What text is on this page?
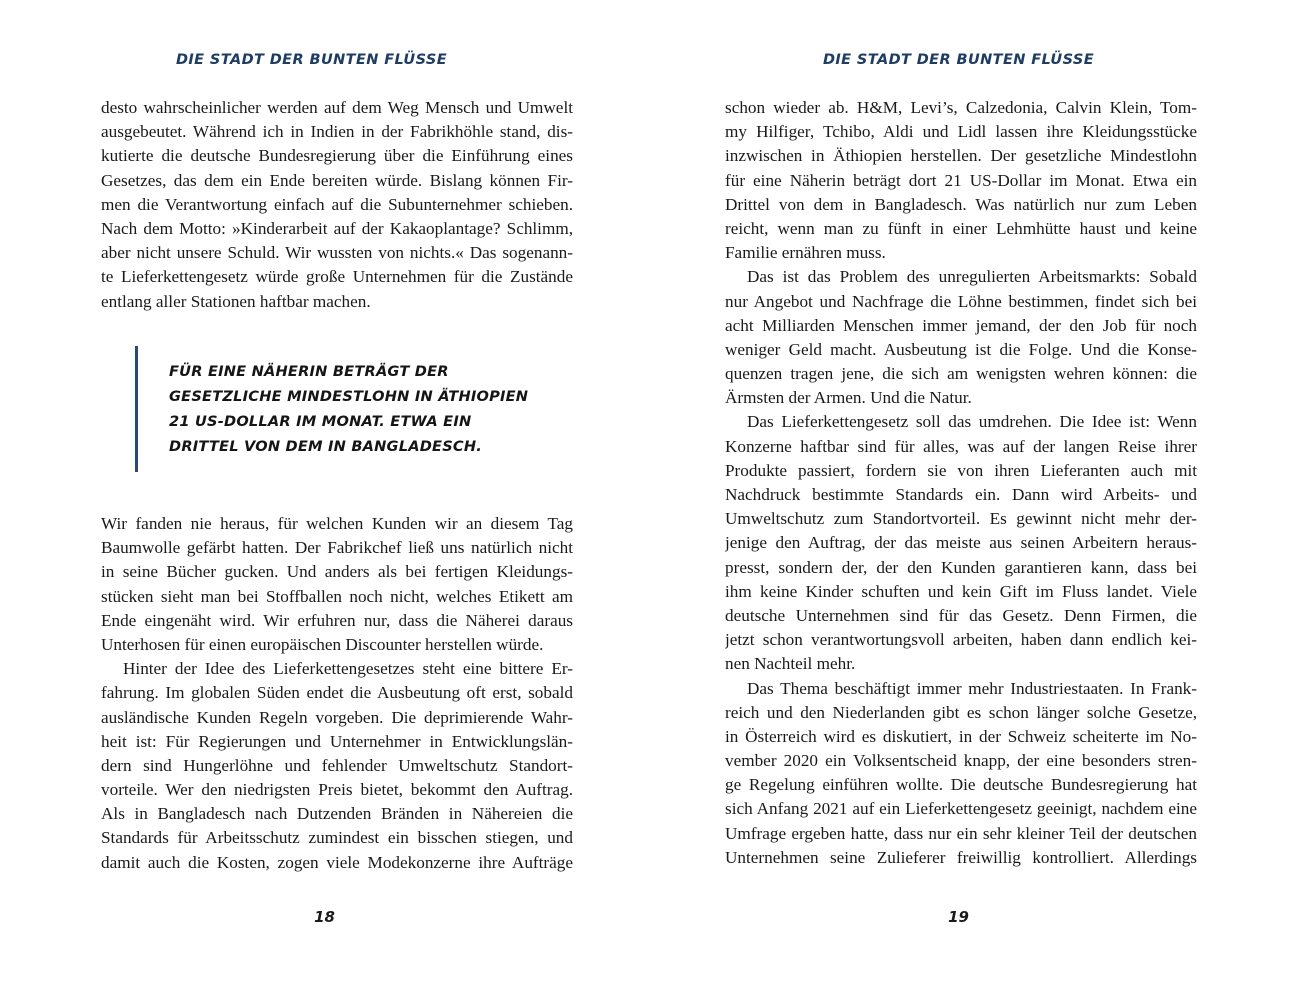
DIE STADT DER BUNTEN FLÜSSE
desto wahrscheinlicher werden auf dem Weg Mensch und Umwelt
ausgebeutet. Während ich in Indien in der Fabrikhöhle stand, dis-
kutierte die deutsche Bundesregierung über die Einführung eines
Gesetzes, das dem ein Ende bereiten würde. Bislang können Fir-
men die Verantwortung einfach auf die Subunternehmer schieben.
Nach dem Motto: »Kinderarbeit auf der Kakaoplantage? Schlimm,
aber nicht unsere Schuld. Wir wussten von nichts.« Das sogenann-
te Lieferkettengesetz würde große Unternehmen für die Zustände
entlang aller Stationen haftbar machen.
FÜR EINE NÄHERIN BETRÄGT DER
GESETZLICHE MINDESTLOHN IN ÄTHIOPIEN
21 US-DOLLAR IM MONAT. ETWA EIN
DRITTEL VON DEM IN BANGLADESCH.
Wir fanden nie heraus, für welchen Kunden wir an diesem Tag
Baumwolle gefärbt hatten. Der Fabrikchef ließ uns natürlich nicht
in seine Bücher gucken. Und anders als bei fertigen Kleidungs-
stücken sieht man bei Stoffballen noch nicht, welches Etikett am
Ende eingenäht wird. Wir erfuhren nur, dass die Näherei daraus
Unterhosen für einen europäischen Discounter herstellen würde.
Hinter der Idee des Lieferkettengesetzes steht eine bittere Er-
fahrung. Im globalen Süden endet die Ausbeutung oft erst, sobald
ausländische Kunden Regeln vorgeben. Die deprimierende Wahr-
heit ist: Für Regierungen und Unternehmer in Entwicklungslän-
dern sind Hungerlöhne und fehlender Umweltschutz Standort-
vorteile. Wer den niedrigsten Preis bietet, bekommt den Auftrag.
Als in Bangladesch nach Dutzenden Bränden in Nähereien die
Standards für Arbeitsschutz zumindest ein bisschen stiegen, und
damit auch die Kosten, zogen viele Modekonzerne ihre Aufträge
18
DIE STADT DER BUNTEN FLÜSSE
schon wieder ab. H&M, Levi’s, Calzedonia, Calvin Klein, Tom-
my Hilfiger, Tchibo, Aldi und Lidl lassen ihre Kleidungsstücke
inzwischen in Äthiopien herstellen. Der gesetzliche Mindestlohn
für eine Näherin beträgt dort 21 US-Dollar im Monat. Etwa ein
Drittel von dem in Bangladesch. Was natürlich nur zum Leben
reicht, wenn man zu fünft in einer Lehmhütte haust und keine
Familie ernähren muss.
Das ist das Problem des unregulierten Arbeitsmarkts: Sobald
nur Angebot und Nachfrage die Löhne bestimmen, findet sich bei
acht Milliarden Menschen immer jemand, der den Job für noch
weniger Geld macht. Ausbeutung ist die Folge. Und die Konse-
quenzen tragen jene, die sich am wenigsten wehren können: die
Ärmsten der Armen. Und die Natur.
Das Lieferkettengesetz soll das umdrehen. Die Idee ist: Wenn
Konzerne haftbar sind für alles, was auf der langen Reise ihrer
Produkte passiert, fordern sie von ihren Lieferanten auch mit
Nachdruck bestimmte Standards ein. Dann wird Arbeits- und
Umweltschutz zum Standortvorteil. Es gewinnt nicht mehr der-
jenige den Auftrag, der das meiste aus seinen Arbeitern heraus-
presst, sondern der, der den Kunden garantieren kann, dass bei
ihm keine Kinder schuften und kein Gift im Fluss landet. Viele
deutsche Unternehmen sind für das Gesetz. Denn Firmen, die
jetzt schon verantwortungsvoll arbeiten, haben dann endlich kei-
nen Nachteil mehr.
Das Thema beschäftigt immer mehr Industriestaaten. In Frank-
reich und den Niederlanden gibt es schon länger solche Gesetze,
in Österreich wird es diskutiert, in der Schweiz scheiterte im No-
vember 2020 ein Volksentscheid knapp, der eine besonders stren-
ge Regelung einführen wollte. Die deutsche Bundesregierung hat
sich Anfang 2021 auf ein Lieferkettengesetz geeinigt, nachdem eine
Umfrage ergeben hatte, dass nur ein sehr kleiner Teil der deutschen
Unternehmen seine Zulieferer freiwillig kontrolliert. Allerdings
19
